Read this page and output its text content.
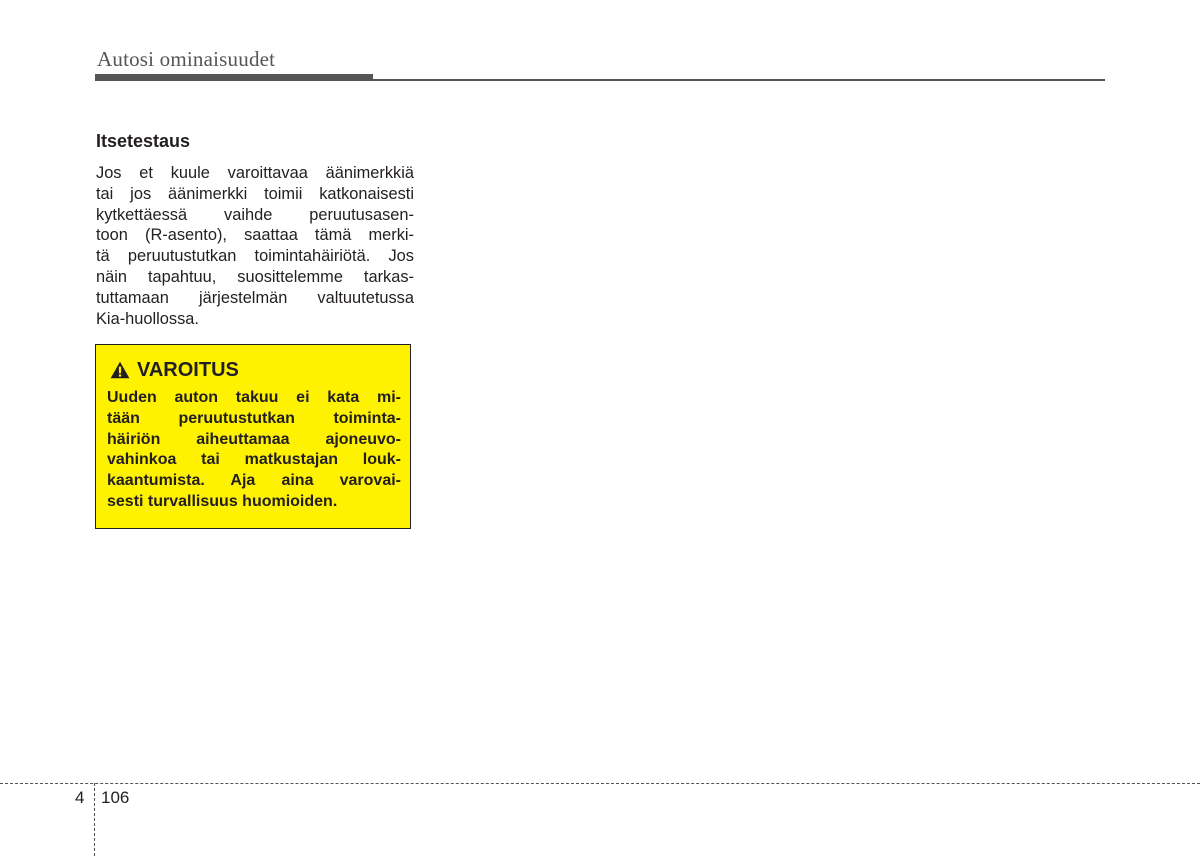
Autosi ominaisuudet
Itsetestaus
Jos et kuule varoittavaa äänimerkkiä
tai jos äänimerkki toimii katkonaisesti
kytkettäessä vaihde peruutusasen-
toon (R-asento), saattaa tämä merki-
tä peruutustutkan toimintahäiriötä. Jos
näin tapahtuu, suosittelemme tarkas-
tuttamaan järjestelmän valtuutetussa
Kia-huollossa.
VAROITUS
Uuden auton takuu ei kata mi-
tään peruutustutkan toiminta-
häiriön aiheuttamaa ajoneuvo-
vahinkoa tai matkustajan louk-
kaantumista. Aja aina varovai-
sesti turvallisuus huomioiden.
4 106
